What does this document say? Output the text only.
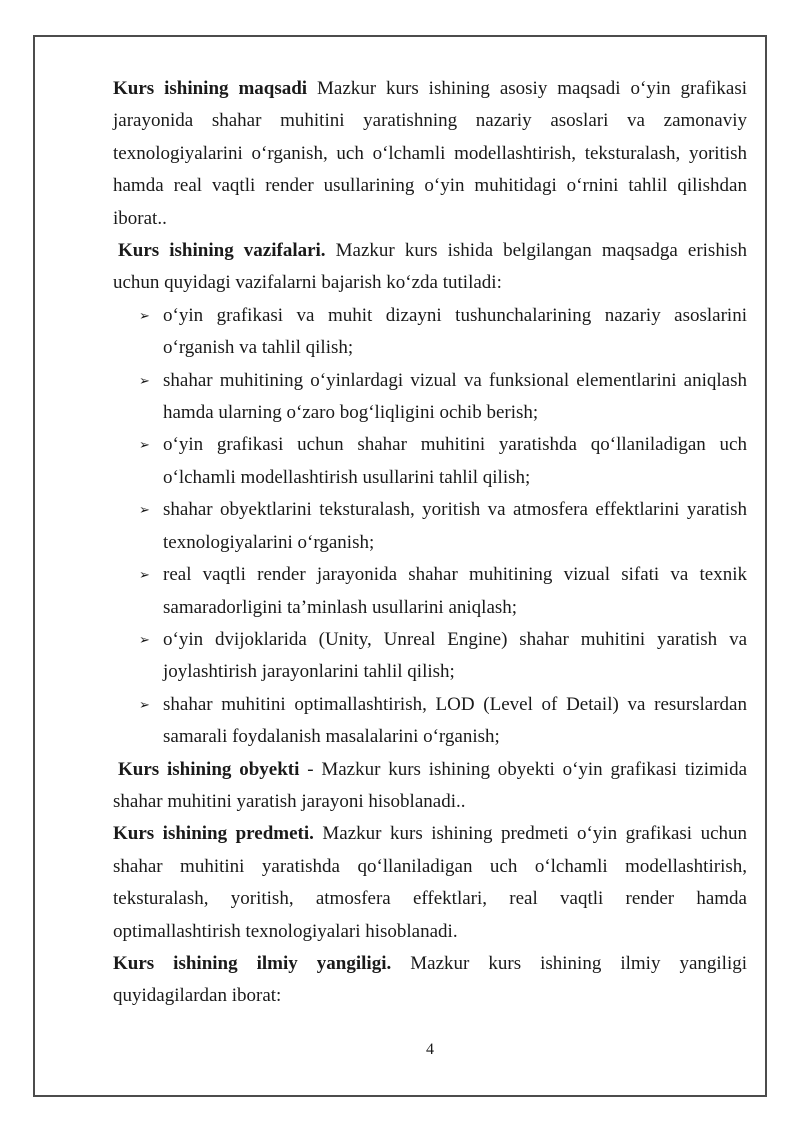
Kurs ishining maqsadi Mazkur kurs ishining asosiy maqsadi o‘yin grafikasi jarayonida shahar muhitini yaratishning nazariy asoslari va zamonaviy texnologiyalarini o‘rganish, uch o‘lchamli modellashtirish, teksturalash, yoritish hamda real vaqtli render usullarining o‘yin muhitidagi o‘rnini tahlil qilishdan iborat..

Kurs ishining vazifalari. Mazkur kurs ishida belgilangan maqsadga erishish uchun quyidagi vazifalarni bajarish ko‘zda tutiladi:

➢ o‘yin grafikasi va muhit dizayni tushunchalarining nazariy asoslarini o‘rganish va tahlil qilish;
➢ shahar muhitining o‘yinlardagi vizual va funksional elementlarini aniqlash hamda ularning o‘zaro bog‘liqligini ochib berish;
➢ o‘yin grafikasi uchun shahar muhitini yaratishda qo‘llaniladigan uch o‘lchamli modellashtirish usullarini tahlil qilish;
➢ shahar obyektlarini teksturalash, yoritish va atmosfera effektlarini yaratish texnologiyalarini o‘rganish;
➢ real vaqtli render jarayonida shahar muhitining vizual sifati va texnik samaradorligini ta’minlash usullarini aniqlash;
➢ o‘yin dvijoklarida (Unity, Unreal Engine) shahar muhitini yaratish va joylashtirish jarayonlarini tahlil qilish;
➢ shahar muhitini optimallashtirish, LOD (Level of Detail) va resurslardan samarali foydalanish masalalarini o‘rganish;

Kurs ishining obyekti - Mazkur kurs ishining obyekti o‘yin grafikasi tizimida shahar muhitini yaratish jarayoni hisoblanadi..

Kurs ishining predmeti. Mazkur kurs ishining predmeti o‘yin grafikasi uchun shahar muhitini yaratishda qo‘llaniladigan uch o‘lchamli modellashtirish, teksturalash, yoritish, atmosfera effektlari, real vaqtli render hamda optimallashtirish texnologiyalari hisoblanadi.

Kurs ishining ilmiy yangiligi. Mazkur kurs ishining ilmiy yangiligi quyidagilardan iborat:

4
